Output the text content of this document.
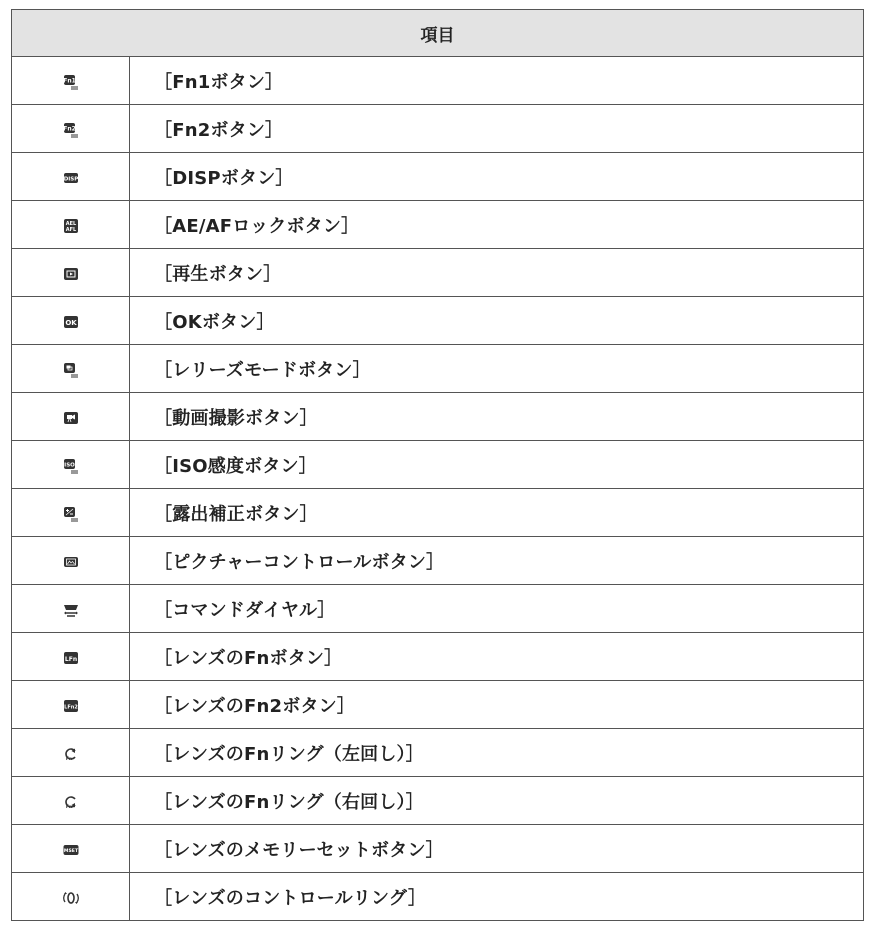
項目	

Fn1	［Fn1ボタン］

Fn2	［Fn2ボタン］

DISP	［DISPボタン］

AEL
AFL	［AE/AFロックボタン］

	［再生ボタン］

OK	［OKボタン］

	［レリーズモードボタン］

	［動画撮影ボタン］

ISO	［ISO感度ボタン］

	［露出補正ボタン］

	［ピクチャーコントロールボタン］

	［コマンドダイヤル］

LFn	［レンズのFnボタン］

LFn2	［レンズのFn2ボタン］

Fn	［レンズのFnリング（左回し）］

Fn	［レンズのFnリング（右回し）］

MSET	［レンズのメモリーセットボタン］

	［レンズのコントロールリング］
